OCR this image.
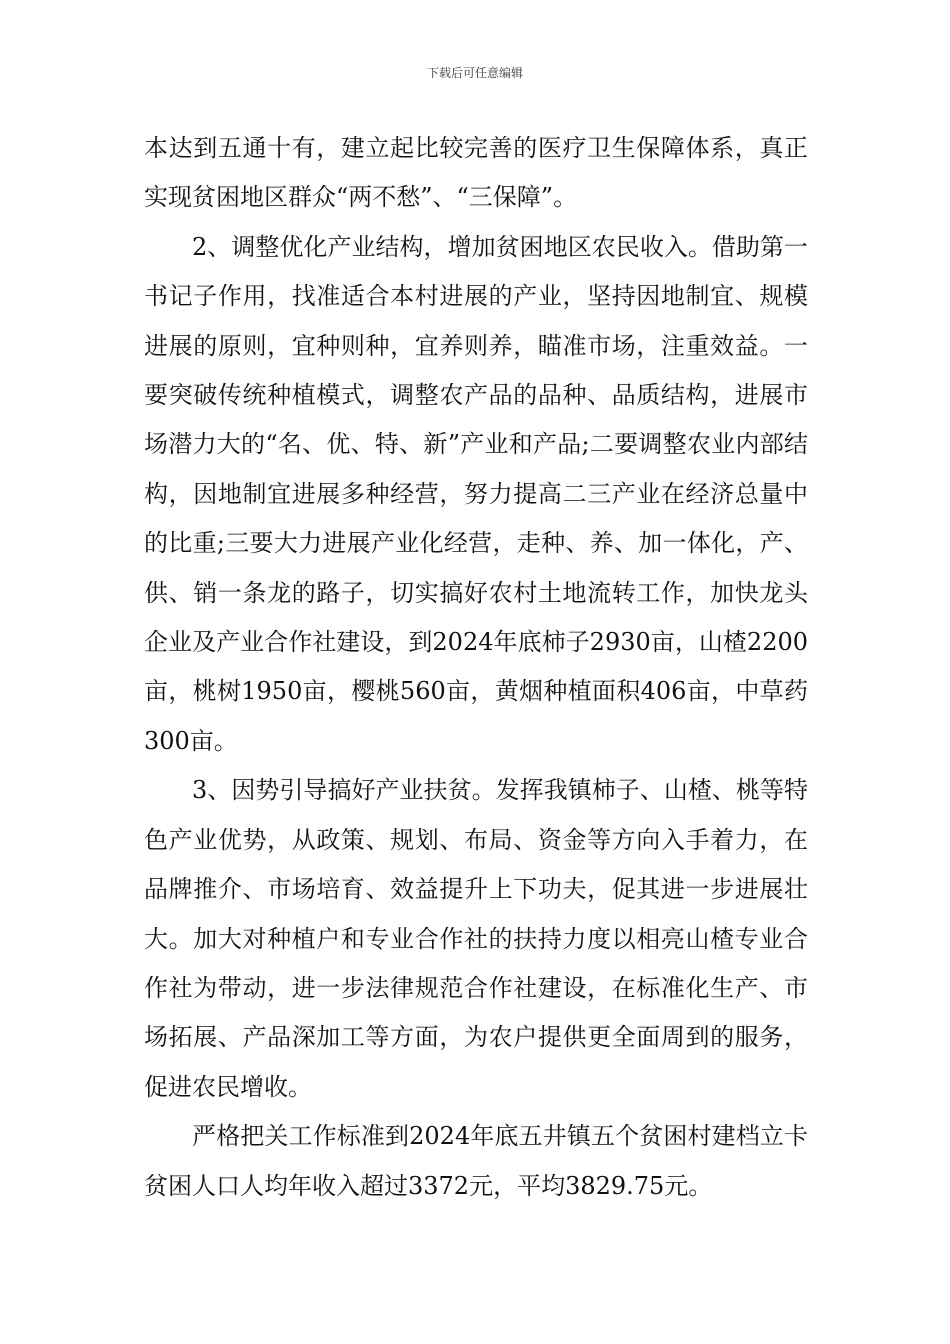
下载后可任意编辑

本达到五通十有，建立起比较完善的医疗卫生保障体系，真正实现贫困地区群众“两不愁”、“三保障”。

2、调整优化产业结构，增加贫困地区农民收入。借助第一书记子作用，找准适合本村进展的产业，坚持因地制宜、规模进展的原则，宜种则种，宜养则养，瞄准市场，注重效益。一要突破传统种植模式，调整农产品的品种、品质结构，进展市场潜力大的“名、优、特、新”产业和产品;二要调整农业内部结构，因地制宜进展多种经营，努力提高二三产业在经济总量中的比重;三要大力进展产业化经营，走种、养、加一体化，产、供、销一条龙的路子，切实搞好农村土地流转工作，加快龙头企业及产业合作社建设，到2024年底柿子2930亩，山楂2200亩，桃树1950亩，樱桃560亩，黄烟种植面积406亩，中草药300亩。

3、因势引导搞好产业扶贫。发挥我镇柿子、山楂、桃等特色产业优势，从政策、规划、布局、资金等方向入手着力，在品牌推介、市场培育、效益提升上下功夫，促其进一步进展壮大。加大对种植户和专业合作社的扶持力度以相亮山楂专业合作社为带动，进一步法律规范合作社建设，在标准化生产、市场拓展、产品深加工等方面，为农户提供更全面周到的服务，促进农民增收。

严格把关工作标准到2024年底五井镇五个贫困村建档立卡贫困人口人均年收入超过3372元，平均3829.75元。
